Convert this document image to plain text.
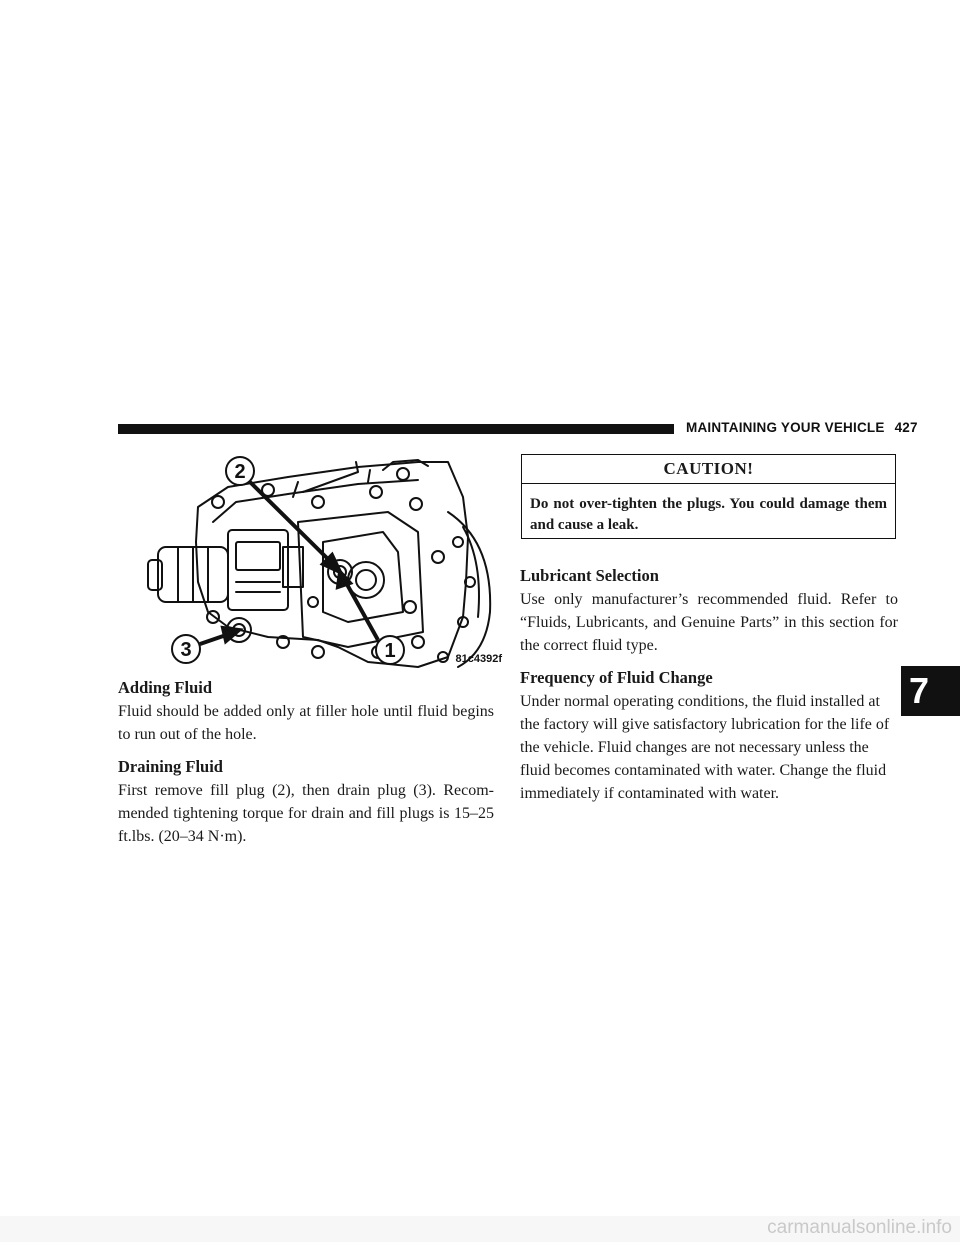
MAINTAINING YOUR VEHICLE 427
2
3	1	81c4392f
Adding Fluid

Fluid should be added only at filler hole until fluid begins to run out of the hole.

Draining Fluid

First remove fill plug (2), then drain plug (3). Recom- mended tightening torque for drain and fill plugs is 15–25 ft.lbs. (20–34 N·m).

CAUTION!
Do not over-tighten the plugs. You could damage them and cause a leak.
Lubricant Selection

Use only manufacturer’s recommended fluid. Refer to “Fluids, Lubricants, and Genuine Parts” in this section for the correct fluid type.

Frequency of Fluid Change

Under normal operating conditions, the fluid installed at the factory will give satisfactory lubrication for the life of the vehicle. Fluid changes are not necessary unless the fluid becomes contaminated with water. Change the fluid immediately if contaminated with water.

7
carmanualsonline.info
